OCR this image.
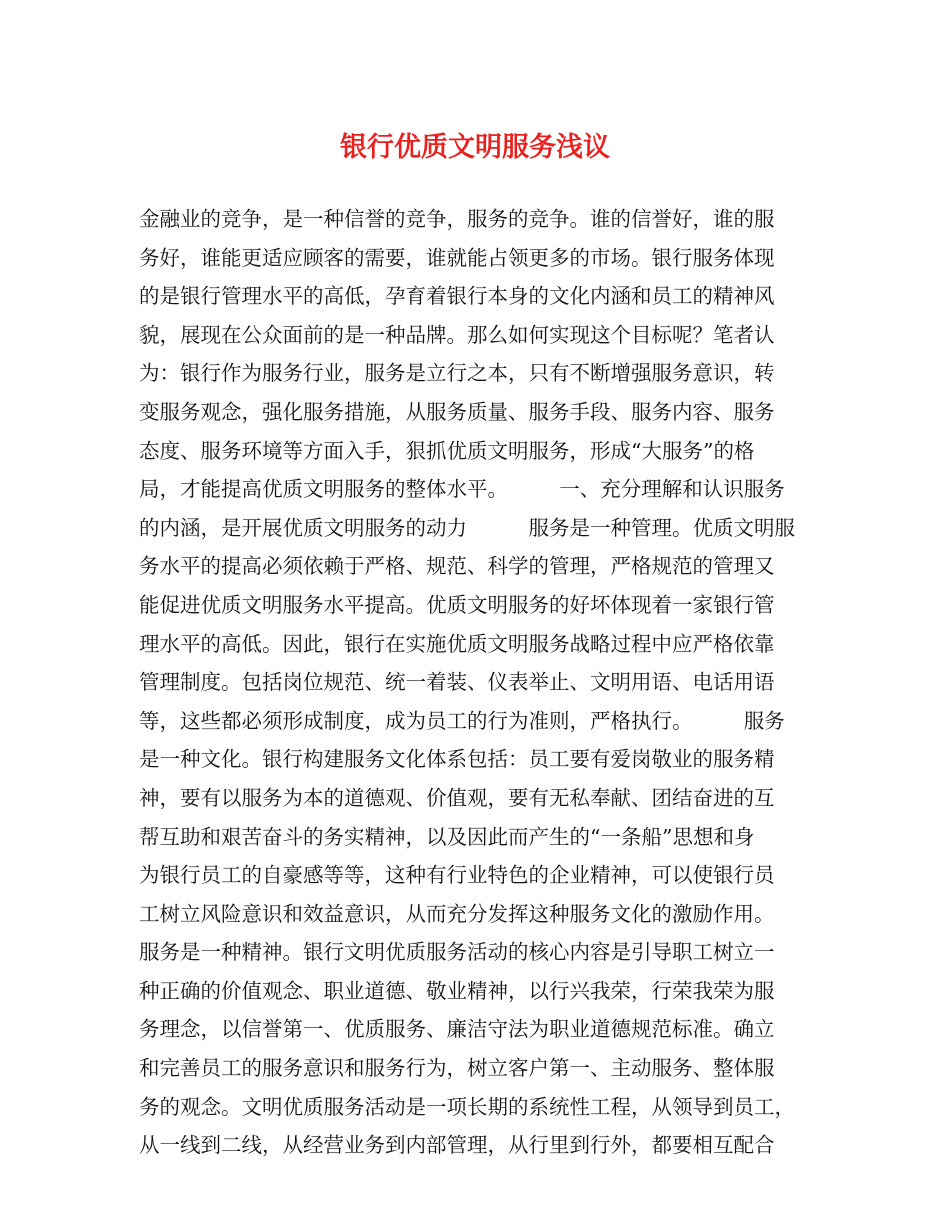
银行优质文明服务浅议
金融业的竞争，是一种信誉的竞争，服务的竞争。谁的信誉好，谁的服
务好，谁能更适应顾客的需要，谁就能占领更多的市场。银行服务体现
的是银行管理水平的高低，孕育着银行本身的文化内涵和员工的精神风
貌，展现在公众面前的是一种品牌。那么如何实现这个目标呢？笔者认
为：银行作为服务行业，服务是立行之本，只有不断增强服务意识，转
变服务观念，强化服务措施，从服务质量、服务手段、服务内容、服务
态度、服务环境等方面入手，狠抓优质文明服务，形成“大服务”的格
局，才能提高优质文明服务的整体水平。　　　一、充分理解和认识服务
的内涵，是开展优质文明服务的动力　　　服务是一种管理。优质文明服
务水平的提高必须依赖于严格、规范、科学的管理，严格规范的管理又
能促进优质文明服务水平提高。优质文明服务的好坏体现着一家银行管
理水平的高低。因此，银行在实施优质文明服务战略过程中应严格依靠
管理制度。包括岗位规范、统一着装、仪表举止、文明用语、电话用语
等，这些都必须形成制度，成为员工的行为准则，严格执行。　　　服务
是一种文化。银行构建服务文化体系包括：员工要有爱岗敬业的服务精
神，要有以服务为本的道德观、价值观，要有无私奉献、团结奋进的互
帮互助和艰苦奋斗的务实精神，以及因此而产生的“一条船”思想和身
为银行员工的自豪感等等，这种有行业特色的企业精神，可以使银行员
工树立风险意识和效益意识，从而充分发挥这种服务文化的激励作用。
服务是一种精神。银行文明优质服务活动的核心内容是引导职工树立一
种正确的价值观念、职业道德、敬业精神，以行兴我荣，行荣我荣为服
务理念，以信誉第一、优质服务、廉洁守法为职业道德规范标准。确立
和完善员工的服务意识和服务行为，树立客户第一、主动服务、整体服
务的观念。文明优质服务活动是一项长期的系统性工程，从领导到员工，
从一线到二线，从经营业务到内部管理，从行里到行外，都要相互配合
